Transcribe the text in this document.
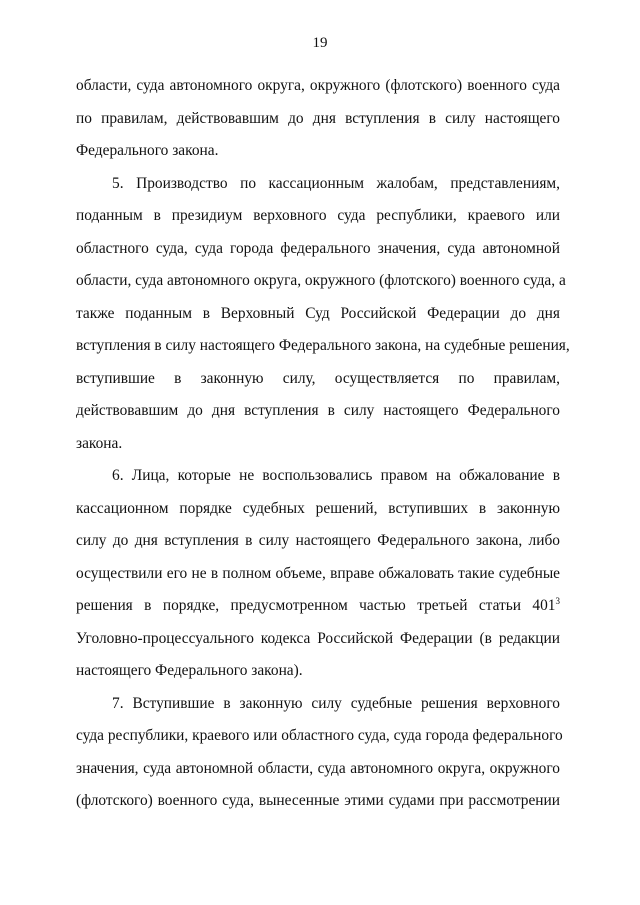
19
области, суда автономного округа, окружного (флотского) военного суда
по правилам, действовавшим до дня вступления в силу настоящего
Федерального закона.
5. Производство по кассационным жалобам, представлениям,
поданным в президиум верховного суда республики, краевого или
областного суда, суда города федерального значения, суда автономной
области, суда автономного округа, окружного (флотского) военного суда, а
также поданным в Верховный Суд Российской Федерации до дня
вступления в силу настоящего Федерального закона, на судебные решения,
вступившие в законную силу, осуществляется по правилам,
действовавшим до дня вступления в силу настоящего Федерального
закона.
6. Лица, которые не воспользовались правом на обжалование в
кассационном порядке судебных решений, вступивших в законную
силу до дня вступления в силу настоящего Федерального закона, либо
осуществили его не в полном объеме, вправе обжаловать такие судебные
решения в порядке, предусмотренном частью третьей статьи $401^3$
Уголовно-процессуального кодекса Российской Федерации (в редакции
настоящего Федерального закона).
7. Вступившие в законную силу судебные решения верховного
суда республики, краевого или областного суда, суда города федерального
значения, суда автономной области, суда автономного округа, окружного
(флотского) военного суда, вынесенные этими судами при рассмотрении
